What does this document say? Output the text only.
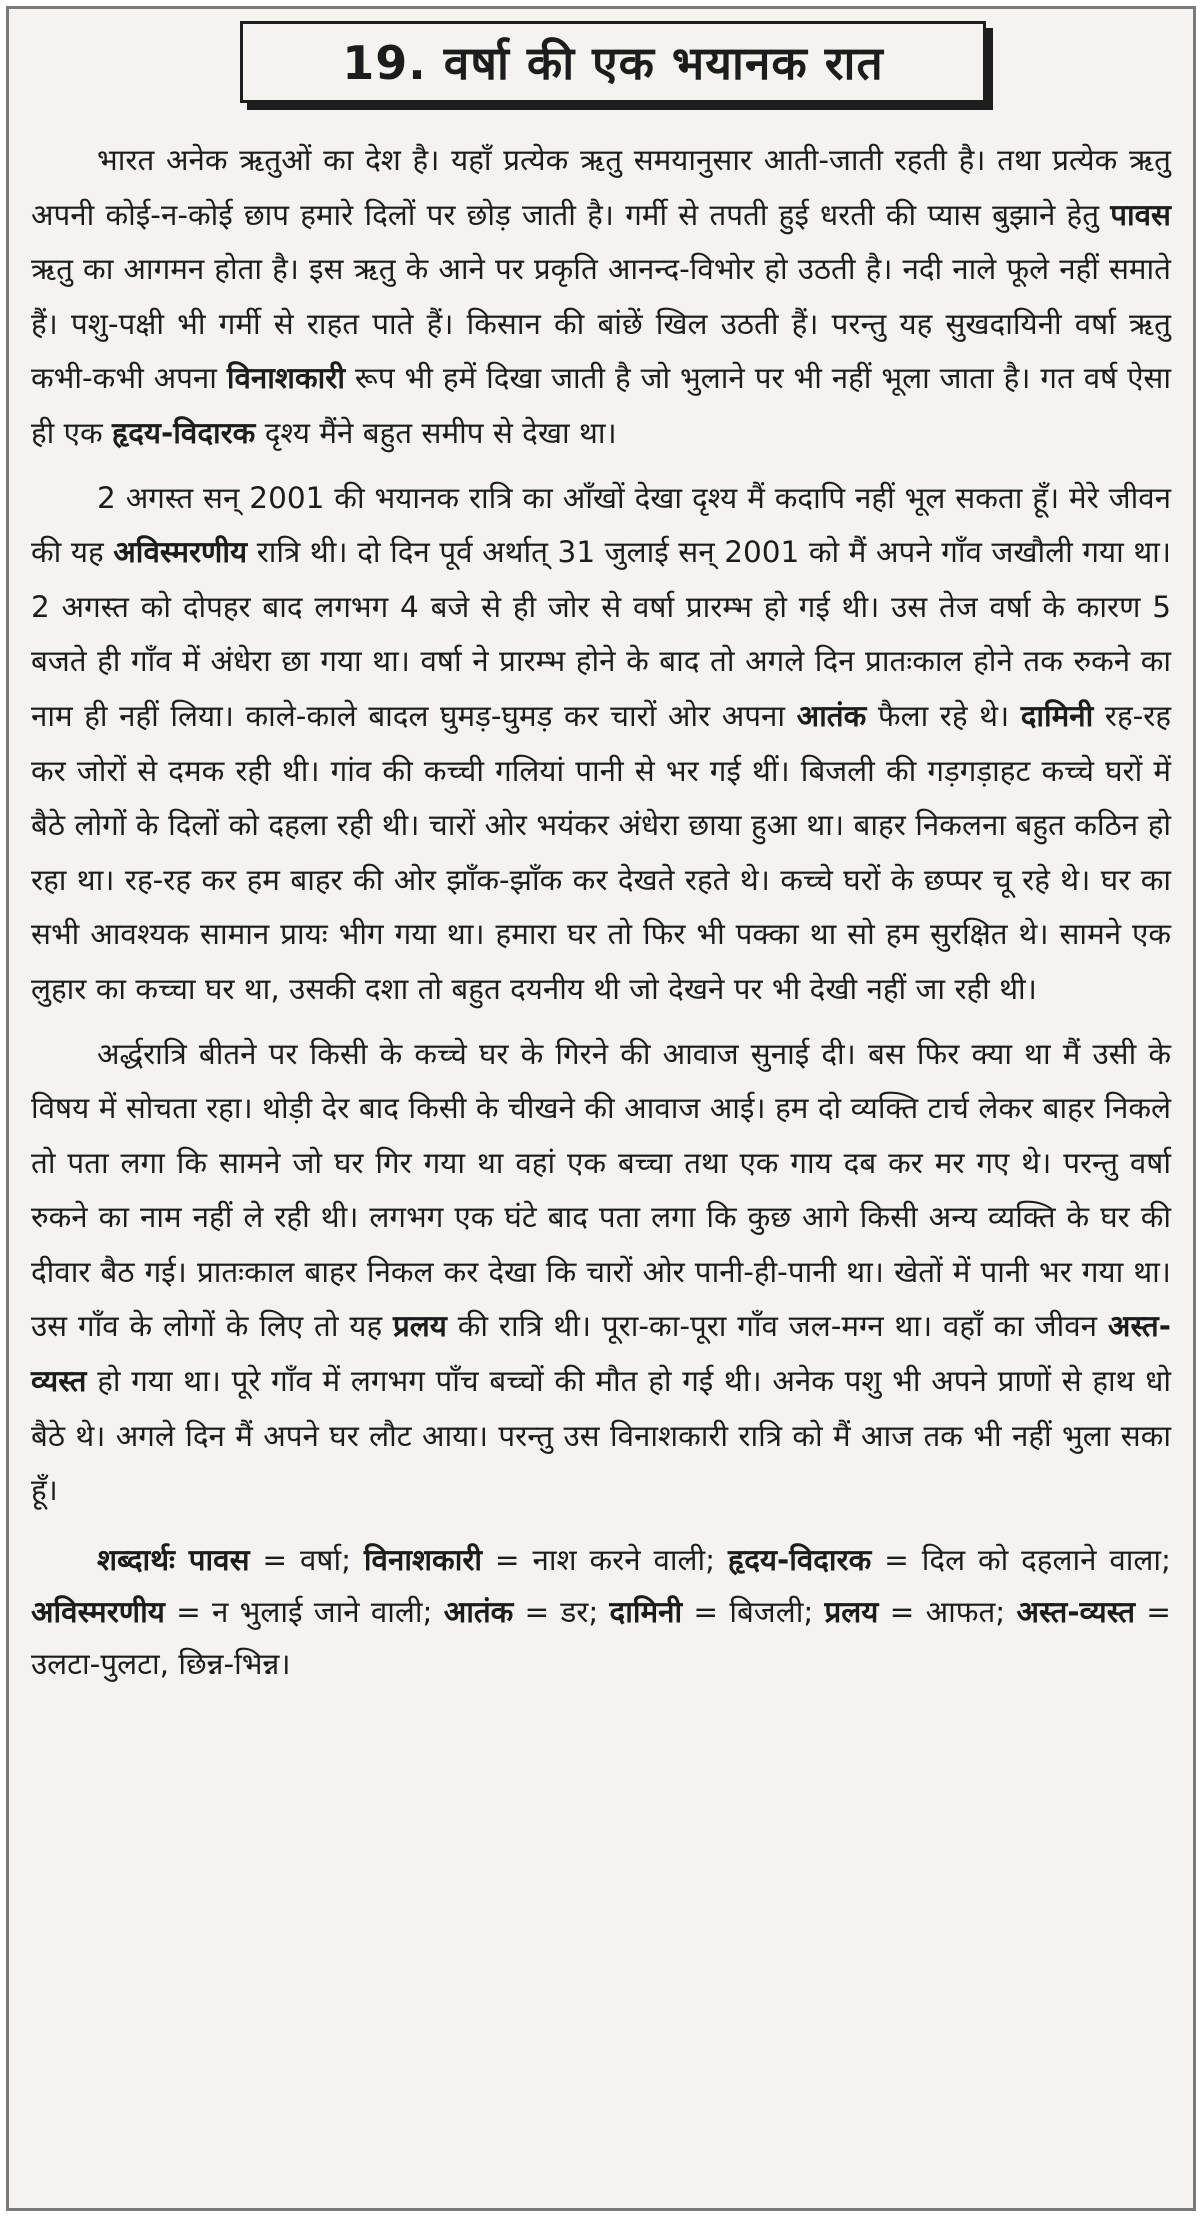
19. वर्षा की एक भयानक रात

भारत अनेक ऋतुओं का देश है। यहाँ प्रत्येक ऋतु समयानुसार आती-जाती रहती है। तथा प्रत्येक ऋतु अपनी कोई-न-कोई छाप हमारे दिलों पर छोड़ जाती है। गर्मी से तपती हुई धरती की प्यास बुझाने हेतु पावस ऋतु का आगमन होता है। इस ऋतु के आने पर प्रकृति आनन्द-विभोर हो उठती है। नदी नाले फूले नहीं समाते हैं। पशु-पक्षी भी गर्मी से राहत पाते हैं। किसान की बांछें खिल उठती हैं। परन्तु यह सुखदायिनी वर्षा ऋतु कभी-कभी अपना विनाशकारी रूप भी हमें दिखा जाती है जो भुलाने पर भी नहीं भूला जाता है। गत वर्ष ऐसा ही एक हृदय-विदारक दृश्य मैंने बहुत समीप से देखा था।

2 अगस्त सन् 2001 की भयानक रात्रि का आँखों देखा दृश्य मैं कदापि नहीं भूल सकता हूँ। मेरे जीवन की यह अविस्मरणीय रात्रि थी। दो दिन पूर्व अर्थात् 31 जुलाई सन् 2001 को मैं अपने गाँव जखौली गया था। 2 अगस्त को दोपहर बाद लगभग 4 बजे से ही जोर से वर्षा प्रारम्भ हो गई थी। उस तेज वर्षा के कारण 5 बजते ही गाँव में अंधेरा छा गया था। वर्षा ने प्रारम्भ होने के बाद तो अगले दिन प्रातःकाल होने तक रुकने का नाम ही नहीं लिया। काले-काले बादल घुमड़-घुमड़ कर चारों ओर अपना आतंक फैला रहे थे। दामिनी रह-रह कर जोरों से दमक रही थी। गांव की कच्ची गलियां पानी से भर गई थीं। बिजली की गड़गड़ाहट कच्चे घरों में बैठे लोगों के दिलों को दहला रही थी। चारों ओर भयंकर अंधेरा छाया हुआ था। बाहर निकलना बहुत कठिन हो रहा था। रह-रह कर हम बाहर की ओर झाँक-झाँक कर देखते रहते थे। कच्चे घरों के छप्पर चू रहे थे। घर का सभी आवश्यक सामान प्रायः भीग गया था। हमारा घर तो फिर भी पक्का था सो हम सुरक्षित थे। सामने एक लुहार का कच्चा घर था, उसकी दशा तो बहुत दयनीय थी जो देखने पर भी देखी नहीं जा रही थी।

अर्द्धरात्रि बीतने पर किसी के कच्चे घर के गिरने की आवाज सुनाई दी। बस फिर क्या था मैं उसी के विषय में सोचता रहा। थोड़ी देर बाद किसी के चीखने की आवाज आई। हम दो व्यक्ति टार्च लेकर बाहर निकले तो पता लगा कि सामने जो घर गिर गया था वहां एक बच्चा तथा एक गाय दब कर मर गए थे। परन्तु वर्षा रुकने का नाम नहीं ले रही थी। लगभग एक घंटे बाद पता लगा कि कुछ आगे किसी अन्य व्यक्ति के घर की दीवार बैठ गई। प्रातःकाल बाहर निकल कर देखा कि चारों ओर पानी-ही-पानी था। खेतों में पानी भर गया था। उस गाँव के लोगों के लिए तो यह प्रलय की रात्रि थी। पूरा-का-पूरा गाँव जल-मग्न था। वहाँ का जीवन अस्त-व्यस्त हो गया था। पूरे गाँव में लगभग पाँच बच्चों की मौत हो गई थी। अनेक पशु भी अपने प्राणों से हाथ धो बैठे थे। अगले दिन मैं अपने घर लौट आया। परन्तु उस विनाशकारी रात्रि को मैं आज तक भी नहीं भुला सका हूँ।

शब्दार्थः पावस = वर्षा; विनाशकारी = नाश करने वाली; हृदय-विदारक = दिल को दहलाने वाला; अविस्मरणीय = न भुलाई जाने वाली; आतंक = डर; दामिनी = बिजली; प्रलय = आफत; अस्त-व्यस्त = उलटा-पुलटा, छिन्न-भिन्न।
